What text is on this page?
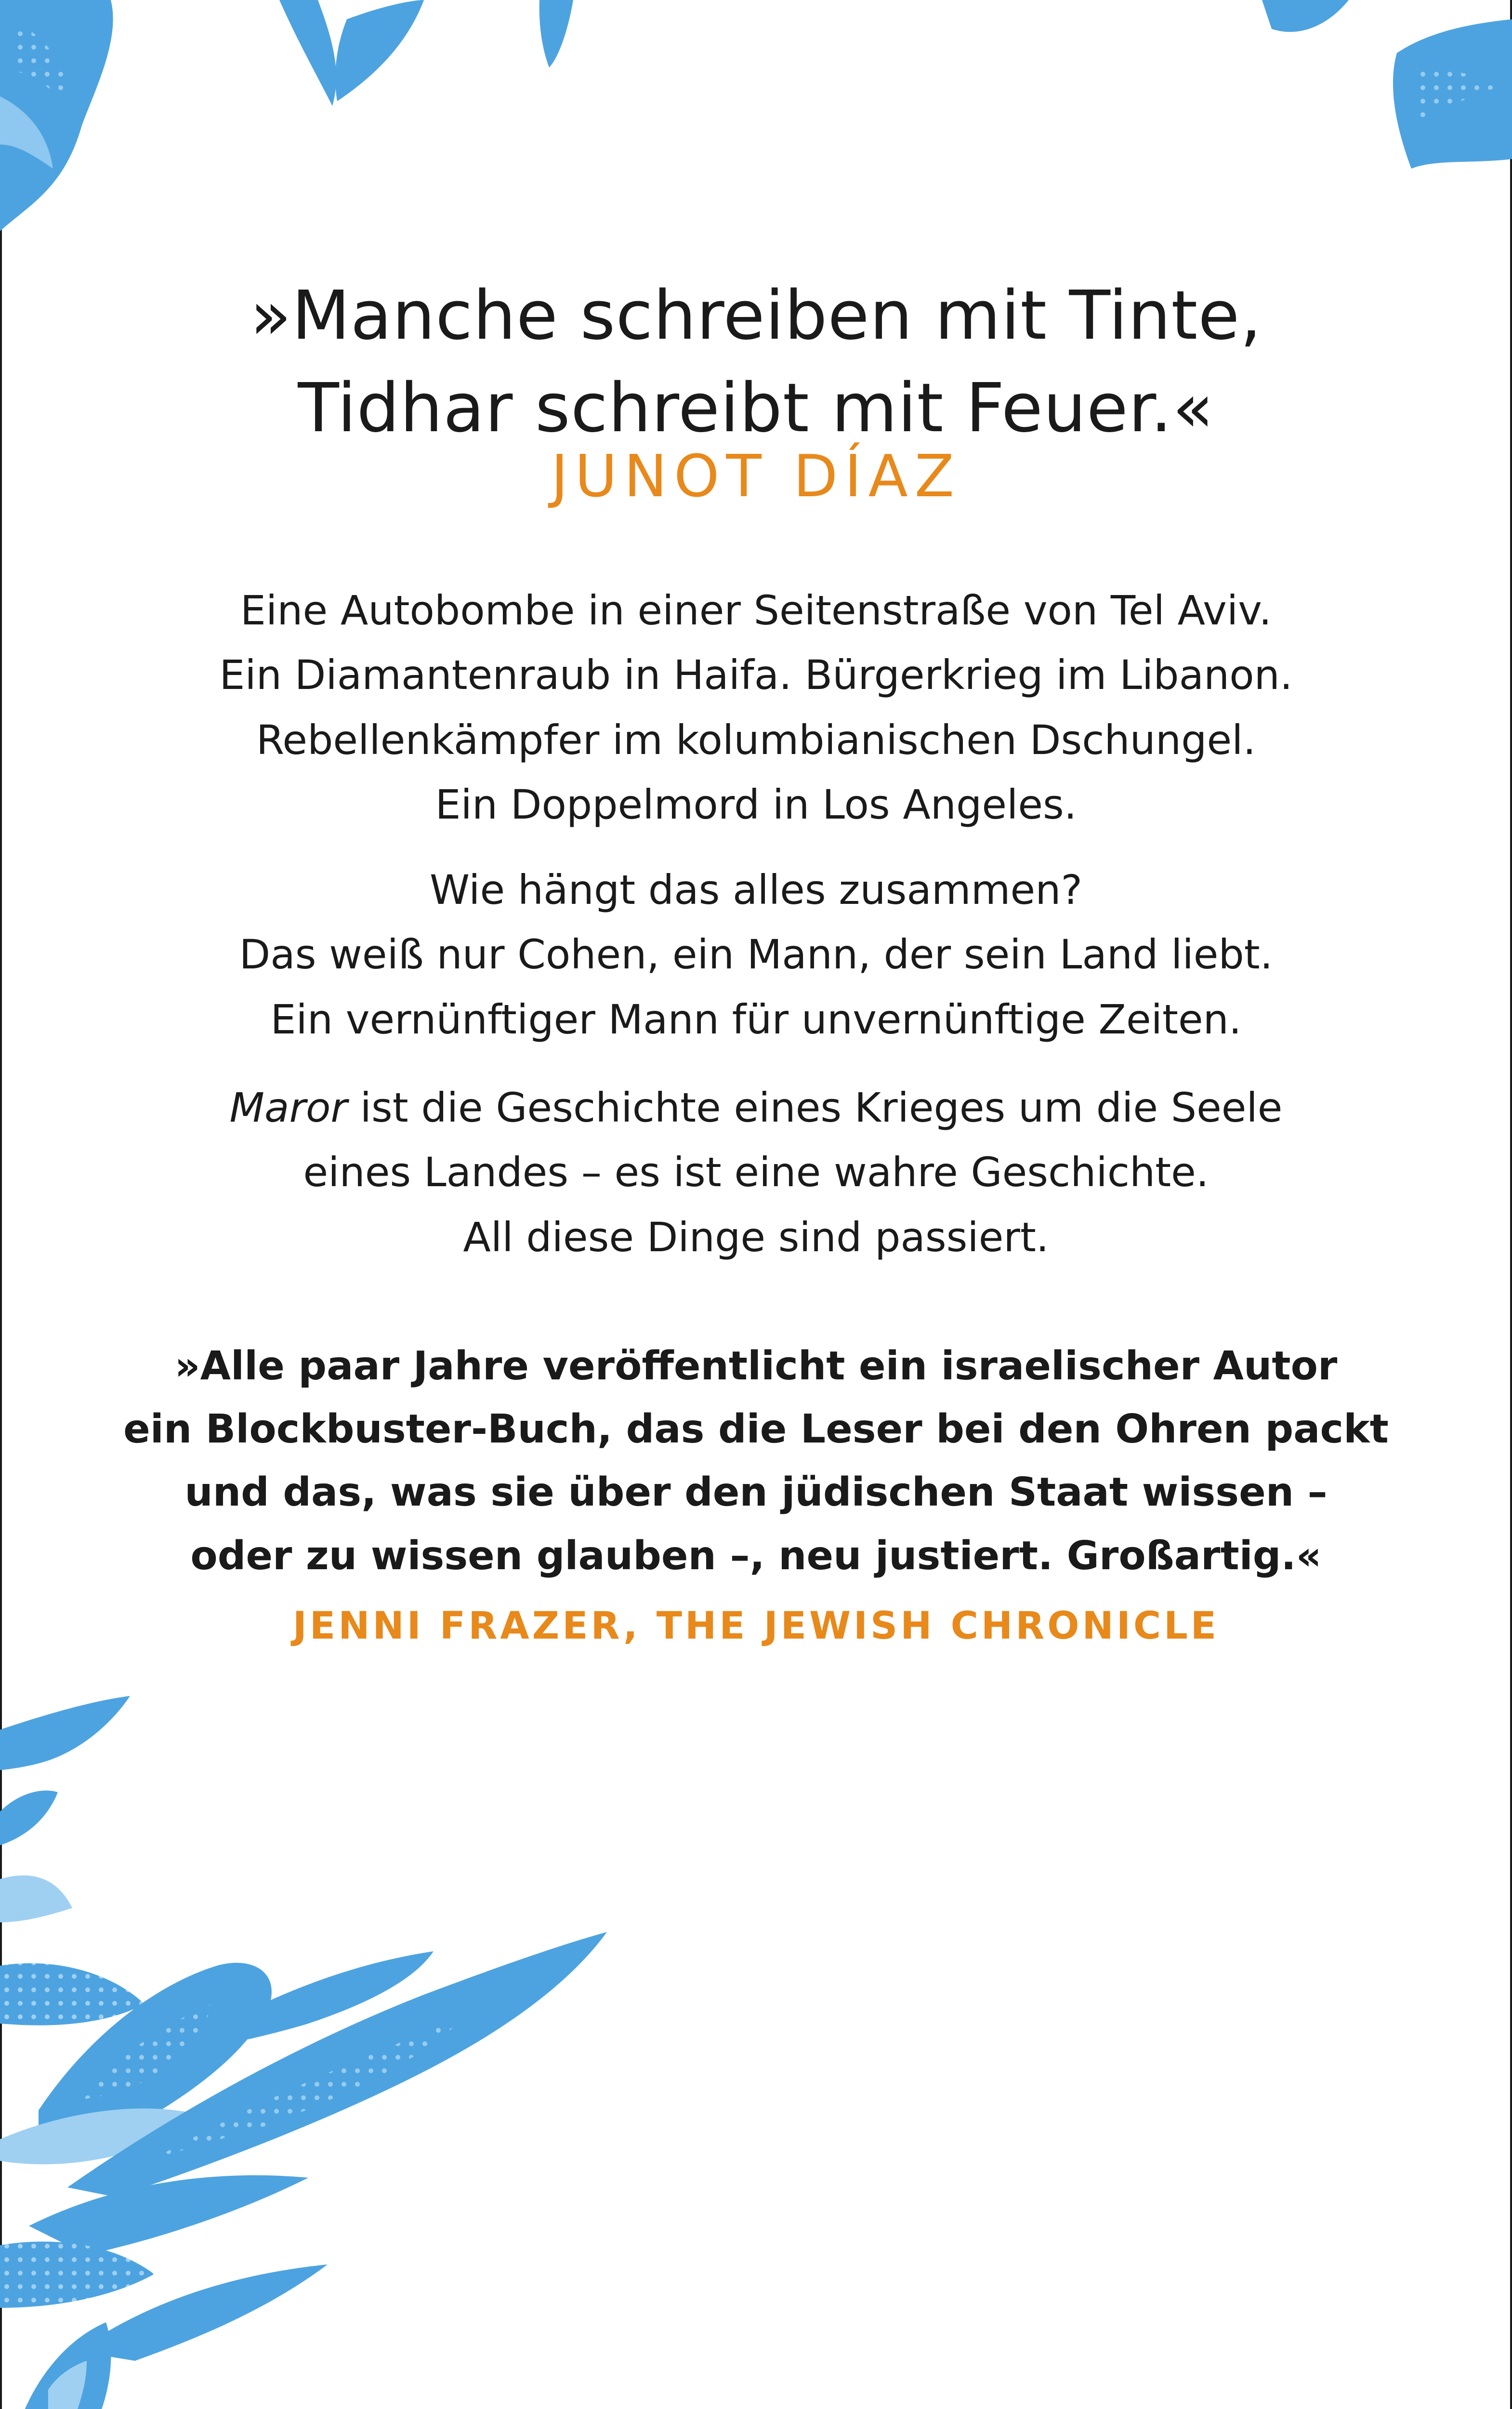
»Manche schreiben mit Tinte,
Tidhar schreibt mit Feuer.«
JUNOT DÍAZ
Eine Autobombe in einer Seitenstraße von Tel Aviv.
Ein Diamantenraub in Haifa. Bürgerkrieg im Libanon.
Rebellenkämpfer im kolumbianischen Dschungel.
Ein Doppelmord in Los Angeles.
Wie hängt das alles zusammen?
Das weiß nur Cohen, ein Mann, der sein Land liebt.
Ein vernünftiger Mann für unvernünftige Zeiten.
Maror ist die Geschichte eines Krieges um die Seele
eines Landes – es ist eine wahre Geschichte.
All diese Dinge sind passiert.
»Alle paar Jahre veröffentlicht ein israelischer Autor
ein Blockbuster-Buch, das die Leser bei den Ohren packt
und das, was sie über den jüdischen Staat wissen –
oder zu wissen glauben –, neu justiert. Großartig.«
JENNI FRAZER, THE JEWISH CHRONICLE
